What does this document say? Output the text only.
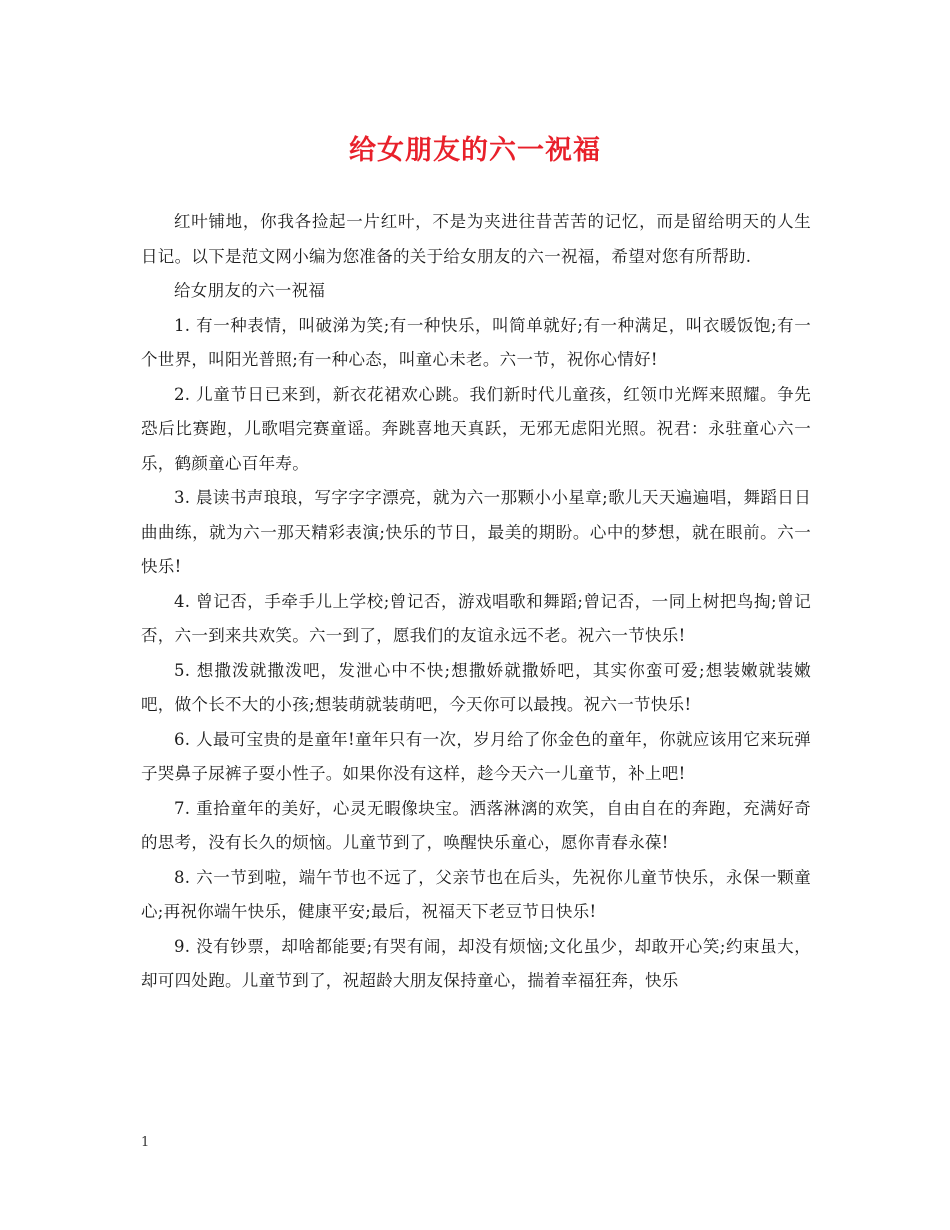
给女朋友的六一祝福

红叶铺地，你我各捡起一片红叶，不是为夹进往昔苦苦的记忆，而是留给明天的人生日记。以下是范文网小编为您准备的关于给女朋友的六一祝福，希望对您有所帮助.

给女朋友的六一祝福

1. 有一种表情，叫破涕为笑;有一种快乐，叫简单就好;有一种满足，叫衣暖饭饱;有一个世界，叫阳光普照;有一种心态，叫童心未老。六一节，祝你心情好!

2. 儿童节日已来到，新衣花裙欢心跳。我们新时代儿童孩，红领巾光辉来照耀。争先恐后比赛跑，儿歌唱完赛童谣。奔跳喜地天真跃，无邪无虑阳光照。祝君：永驻童心六一乐，鹤颜童心百年寿。

3. 晨读书声琅琅，写字字字漂亮，就为六一那颗小小星章;歌儿天天遍遍唱，舞蹈日日曲曲练，就为六一那天精彩表演;快乐的节日，最美的期盼。心中的梦想，就在眼前。六一快乐!

4. 曾记否，手牵手儿上学校;曾记否，游戏唱歌和舞蹈;曾记否，一同上树把鸟掏;曾记否，六一到来共欢笑。六一到了，愿我们的友谊永远不老。祝六一节快乐!

5. 想撒泼就撒泼吧，发泄心中不快;想撒娇就撒娇吧，其实你蛮可爱;想装嫩就装嫩吧，做个长不大的小孩;想装萌就装萌吧，今天你可以最拽。祝六一节快乐!

6. 人最可宝贵的是童年!童年只有一次，岁月给了你金色的童年，你就应该用它来玩弹子哭鼻子尿裤子耍小性子。如果你没有这样，趁今天六一儿童节，补上吧!

7. 重拾童年的美好，心灵无暇像块宝。洒落淋漓的欢笑，自由自在的奔跑，充满好奇的思考，没有长久的烦恼。儿童节到了，唤醒快乐童心，愿你青春永葆!

8. 六一节到啦，端午节也不远了，父亲节也在后头，先祝你儿童节快乐，永保一颗童心;再祝你端午快乐，健康平安;最后，祝福天下老豆节日快乐!

9. 没有钞票，却啥都能要;有哭有闹，却没有烦恼;文化虽少，却敢开心笑;约束虽大，却可四处跑。儿童节到了，祝超龄大朋友保持童心，揣着幸福狂奔，快乐

1
